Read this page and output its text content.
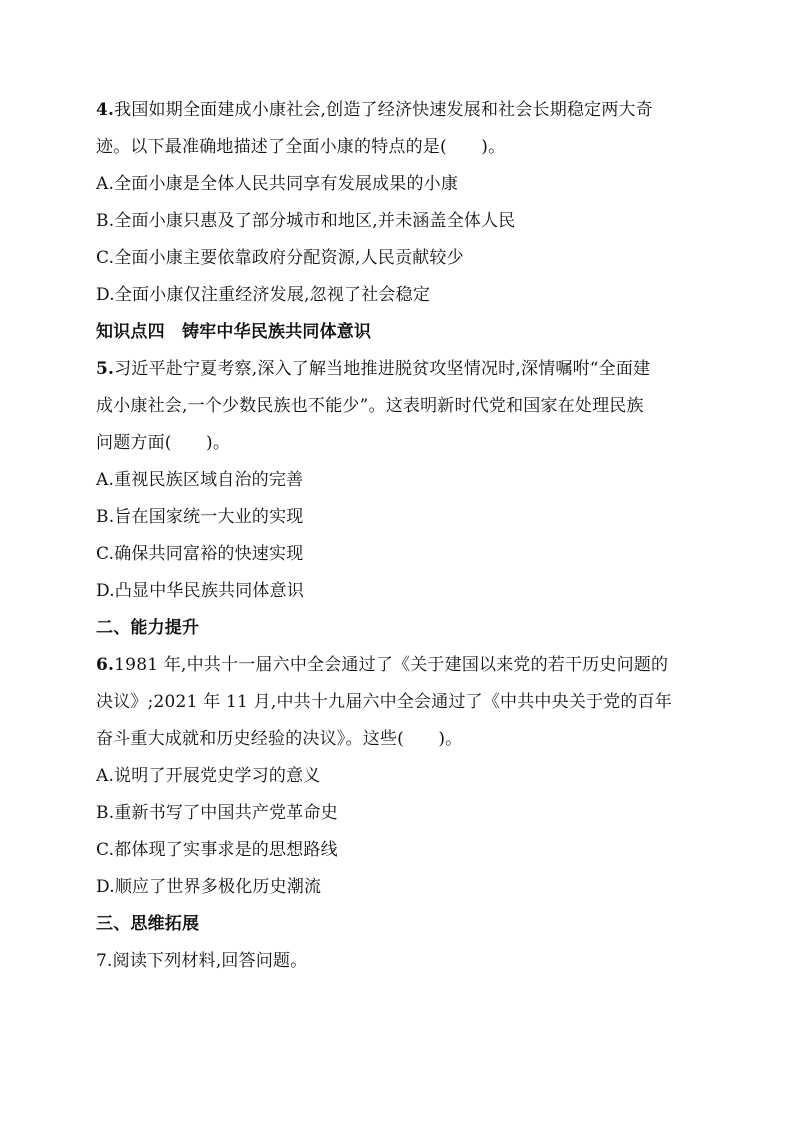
4.我国如期全面建成小康社会,创造了经济快速发展和社会长期稳定两大奇
迹。以下最准确地描述了全面小康的特点的是(　　)。
A.全面小康是全体人民共同享有发展成果的小康
B.全面小康只惠及了部分城市和地区,并未涵盖全体人民
C.全面小康主要依靠政府分配资源,人民贡献较少
D.全面小康仅注重经济发展,忽视了社会稳定
知识点四　铸牢中华民族共同体意识
5.习近平赴宁夏考察,深入了解当地推进脱贫攻坚情况时,深情嘱咐“全面建
成小康社会,一个少数民族也不能少”。这表明新时代党和国家在处理民族
问题方面(　　)。
A.重视民族区域自治的完善
B.旨在国家统一大业的实现
C.确保共同富裕的快速实现
D.凸显中华民族共同体意识
二、能力提升
6.1981 年,中共十一届六中全会通过了《关于建国以来党的若干历史问题的
决议》;2021 年 11 月,中共十九届六中全会通过了《中共中央关于党的百年
奋斗重大成就和历史经验的决议》。这些(　　)。
A.说明了开展党史学习的意义
B.重新书写了中国共产党革命史
C.都体现了实事求是的思想路线
D.顺应了世界多极化历史潮流
三、思维拓展
7.阅读下列材料,回答问题。
